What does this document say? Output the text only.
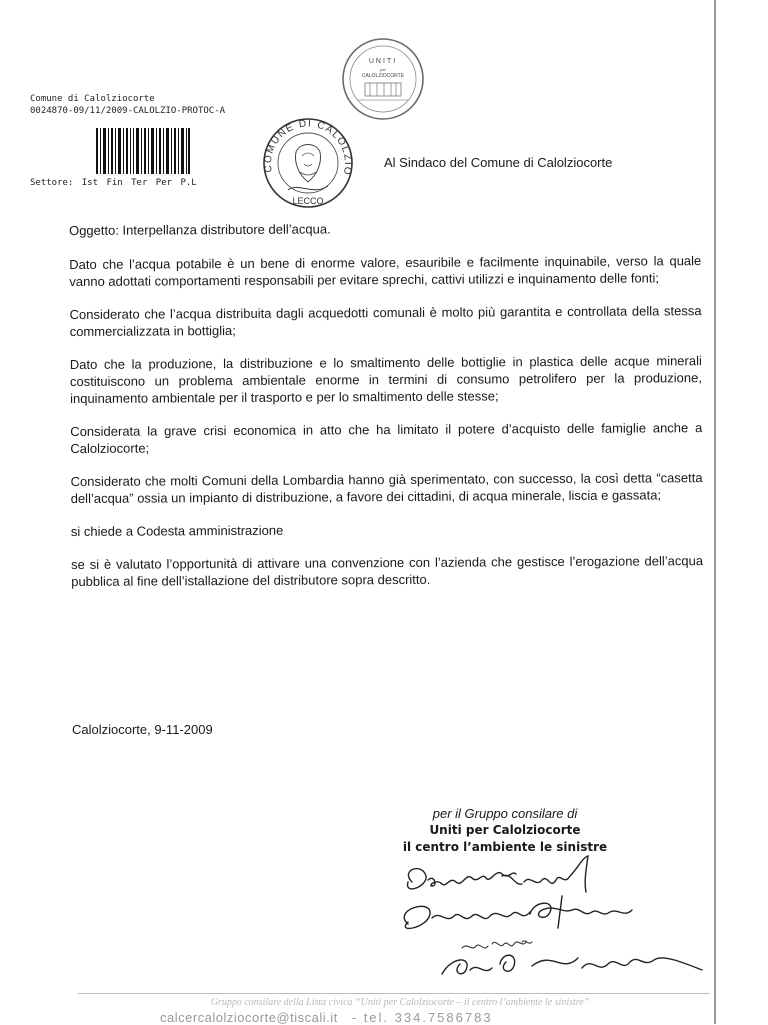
Comune di Calolziocorte
0024870-09/11/2009-CALOLZIO-PROTOC-A
Settore: Ist Fin Ter Per P.L
UNITI
per
CALOLZIOCORTE
COMUNE DI CALOLZIO
LECCO
Al Sindaco del Comune di Calolziocorte

Oggetto: Interpellanza distributore dell’acqua.

Dato che l’acqua potabile è un bene di enorme valore, esauribile e facilmente inquinabile, verso la quale vanno adottati comportamenti responsabili per evitare sprechi, cattivi utilizzi e inquinamento delle fonti;

Considerato che l’acqua distribuita dagli acquedotti comunali è molto più garantita e controllata della stessa commercializzata in bottiglia;

Dato che la produzione, la distribuzione e lo smaltimento delle bottiglie in plastica delle acque minerali costituiscono un problema ambientale enorme in termini di consumo petrolifero per la produzione, inquinamento ambientale per il trasporto e per lo smaltimento delle stesse;

Considerata la grave crisi economica in atto che ha limitato il potere d’acquisto delle famiglie anche a Calolziocorte;

Considerato che molti Comuni della Lombardia hanno già sperimentato, con successo, la così detta “casetta dell’acqua” ossia un impianto di distribuzione, a favore dei cittadini, di acqua minerale, liscia e gassata;

si chiede a Codesta amministrazione

se si è valutato l’opportunità di attivare una convenzione con l’azienda che gestisce l’erogazione dell’acqua pubblica al fine dell’istallazione del distributore sopra descritto.

Calolziocorte, 9-11-2009
per il Gruppo consilare di
Uniti per Calolziocorte
il centro l’ambiente le sinistre
Gruppo consilare della Lista civica “Uniti per Calolziocorte – il centro l’ambiente le sinistre”
calcercalolziocorte@tiscali.it - tel. 334.7586783
